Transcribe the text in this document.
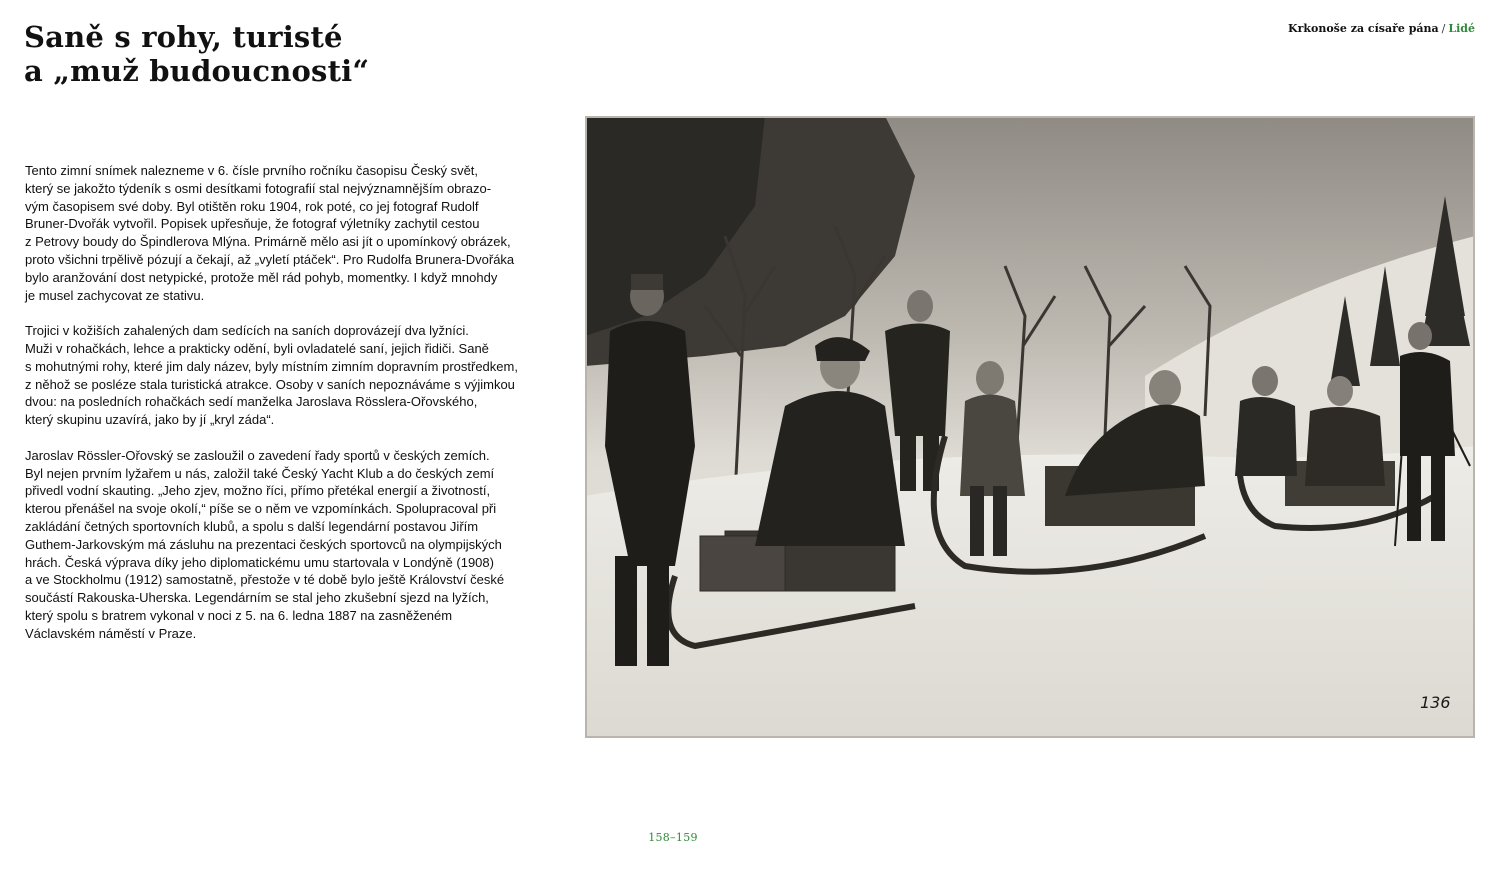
Saně s rohy, turisté
a „muž budoucnosti“
Krkonoše za císaře pána / Lidé

Tento zimní snímek nalezneme v 6. čísle prvního ročníku časopisu Český svět,
který se jakožto týdeník s osmi desítkami fotografií stal nejvýznamnějším obrazo-
vým časopisem své doby. Byl otištěn roku 1904, rok poté, co jej fotograf Rudolf
Bruner-Dvořák vytvořil. Popisek upřesňuje, že fotograf výletníky zachytil cestou
z Petrovy boudy do Špindlerova Mlýna. Primárně mělo asi jít o upomínkový obrázek,
proto všichni trpělivě pózují a čekají, až „vyletí ptáček“. Pro Rudolfa Brunera-Dvořáka
bylo aranžování dost netypické, protože měl rád pohyb, momentky. I když mnohdy
je musel zachycovat ze stativu.

Trojici v kožiších zahalených dam sedících na saních doprovázejí dva lyžníci.
Muži v rohačkách, lehce a prakticky odění, byli ovladatelé saní, jejich řidiči. Saně
s mohutnými rohy, které jim daly název, byly místním zimním dopravním prostředkem,
z něhož se posléze stala turistická atrakce. Osoby v saních nepoznáváme s výjimkou
dvou: na posledních rohačkách sedí manželka Jaroslava Rösslera-Ořovského,
který skupinu uzavírá, jako by jí „kryl záda“.

Jaroslav Rössler-Ořovský se zasloužil o zavedení řady sportů v českých zemích.
Byl nejen prvním lyžařem u nás, založil také Český Yacht Klub a do českých zemí
přivedl vodní skauting. „Jeho zjev, možno říci, přímo přetékal energií a životností,
kterou přenášel na svoje okolí,“ píše se o něm ve vzpomínkách. Spolupracoval při
zakládání četných sportovních klubů, a spolu s další legendární postavou Jiřím
Guthem-Jarkovským má zásluhu na prezentaci českých sportovců na olympijských
hrách. Česká výprava díky jeho diplomatickému umu startovala v Londýně (1908)
a ve Stockholmu (1912) samostatně, přestože v té době bylo ještě Království české
součástí Rakouska-Uherska. Legendárním se stal jeho zkušební sjezd na lyžích,
který spolu s bratrem vykonal v noci z 5. na 6. ledna 1887 na zasněženém
Václavském náměstí v Praze.

136
158–159
